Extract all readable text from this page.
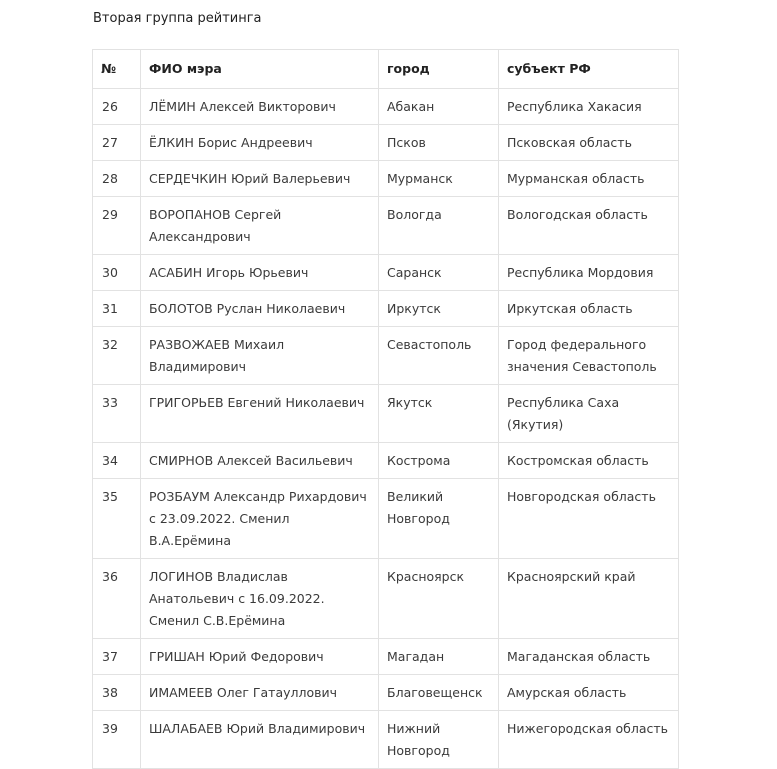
Вторая группа рейтинга
№	ФИО мэра	город	субъект РФ
26	ЛЁМИН Алексей Викторович	Абакан	Республика Хакасия
27	ЁЛКИН Борис Андреевич	Псков	Псковская область
28	СЕРДЕЧКИН Юрий Валерьевич	Мурманск	Мурманская область
29	ВОРОПАНОВ Сергей Александрович	Вологда	Вологодская область
30	АСАБИН Игорь Юрьевич	Саранск	Республика Мордовия
31	БОЛОТОВ Руслан Николаевич	Иркутск	Иркутская область
32	РАЗВОЖАЕВ Михаил Владимирович	Севастополь	Город федерального значения Севастополь
33	ГРИГОРЬЕВ Евгений Николаевич	Якутск	Республика Саха (Якутия)
34	СМИРНОВ Алексей Васильевич	Кострома	Костромская область
35	РОЗБАУМ Александр Рихардович с 23.09.2022. Сменил В.А.Ерёмина	Великий Новгород	Новгородская область
36	ЛОГИНОВ Владислав Анатольевич с 16.09.2022. Сменил С.В.Ерёмина	Красноярск	Красноярский край
37	ГРИШАН Юрий Федорович	Магадан	Магаданская область
38	ИМАМЕЕВ Олег Гатауллович	Благовещенск	Амурская область
39	ШАЛАБАЕВ Юрий Владимирович	Нижний Новгород	Нижегородская область
